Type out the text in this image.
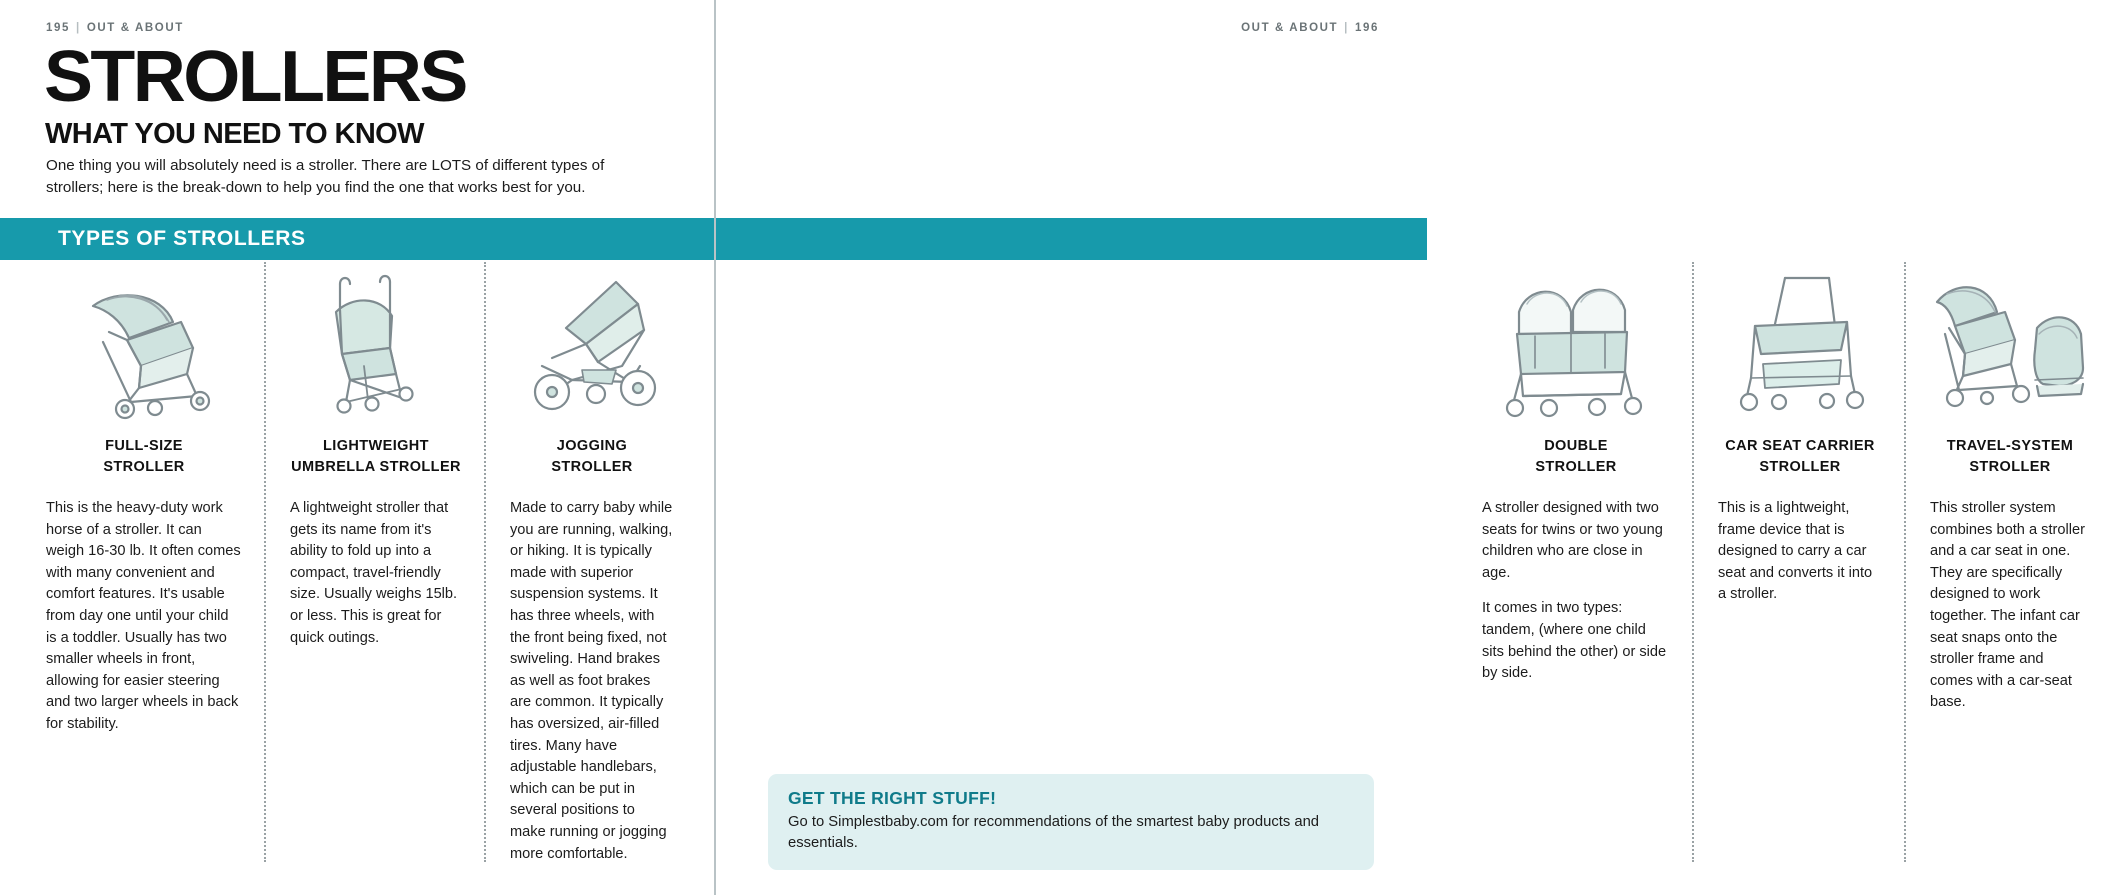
195 | OUT & ABOUT
STROLLERS
WHAT YOU NEED TO KNOW
One thing you will absolutely need is a stroller. There are LOTS of different types of strollers; here is the break-down to help you find the one that works best for you.
FULL-SIZE
STROLLER

This is the heavy-duty work horse of a stroller. It can weigh 16-30 lb. It often comes with many convenient and comfort features. It's usable from day one until your child is a toddler. Usually has two smaller wheels in front, allowing for easier steering and two larger wheels in back for stability.

LIGHTWEIGHT
UMBRELLA STROLLER

A lightweight stroller that gets its name from it's ability to fold up into a compact, travel-friendly size. Usually weighs 15lb. or less. This is great for quick outings.

JOGGING
STROLLER

Made to carry baby while you are running, walking, or hiking. It is typically made with superior suspension systems. It has three wheels, with the front being fixed, not swiveling. Hand brakes as well as foot brakes are common. It typically has oversized, air-filled tires. Many have adjustable handlebars, which can be put in several positions to make running or jogging more comfortable.

OUT & ABOUT | 196
DOUBLE
STROLLER

A stroller designed with two seats for twins or two young children who are close in age.

It comes in two types: tandem, (where one child sits behind the other) or side by side.

CAR SEAT CARRIER
STROLLER

This is a lightweight, frame device that is designed to carry a car seat and converts it into a stroller.

TRAVEL-SYSTEM
STROLLER

This stroller system combines both a stroller and a car seat in one. They are specifically designed to work together. The infant car seat snaps onto the stroller frame and comes with a car-seat base.

TYPES OF STROLLERS
GET THE RIGHT STUFF!
Go to Simplestbaby.com for recommendations of the smartest baby products and essentials.
